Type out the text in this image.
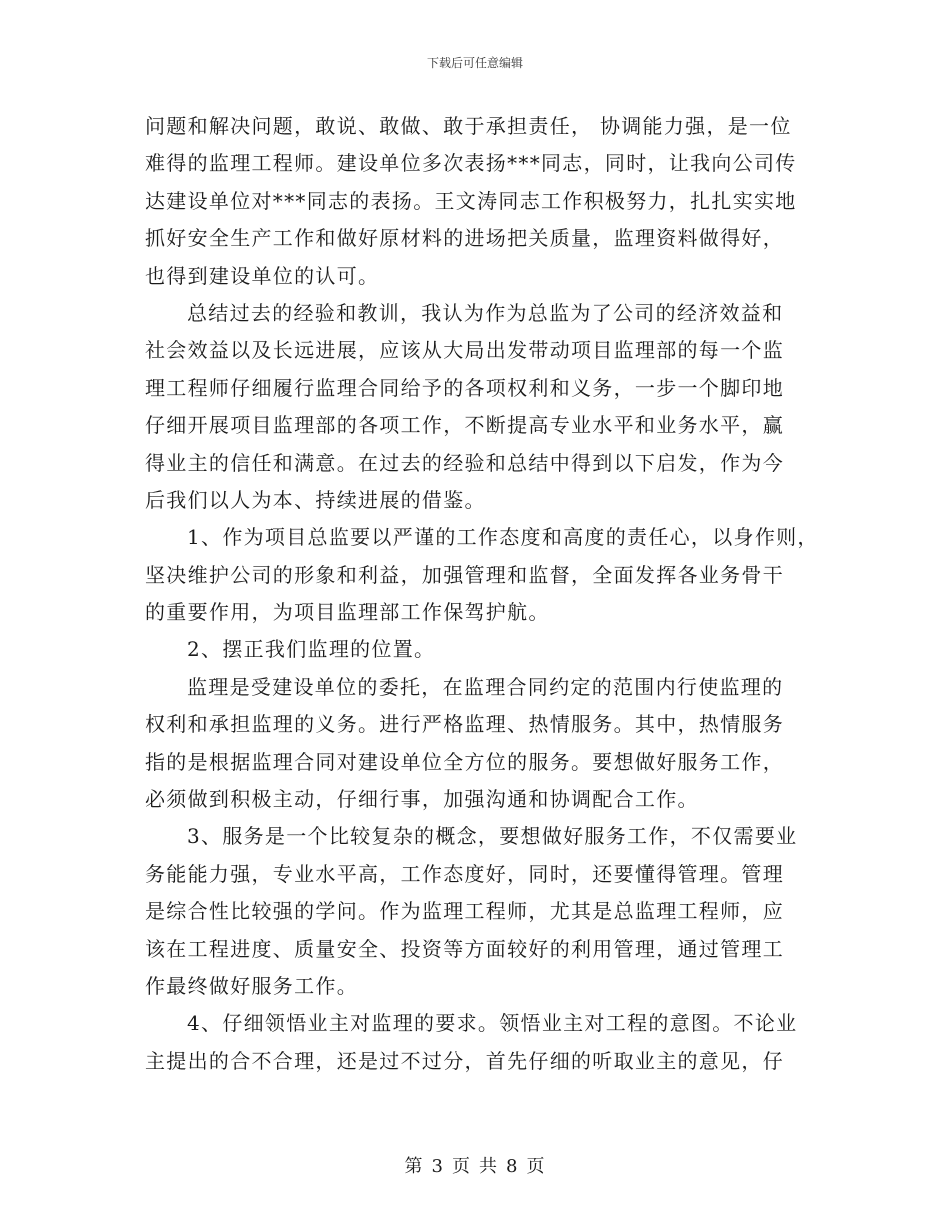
下载后可任意编辑
问题和解决问题，敢说、敢做、敢于承担责任， 协调能力强，是一位
难得的监理工程师。建设单位多次表扬***同志，同时，让我向公司传
达建设单位对***同志的表扬。王文涛同志工作积极努力，扎扎实实地
抓好安全生产工作和做好原材料的进场把关质量，监理资料做得好，
也得到建设单位的认可。
总结过去的经验和教训，我认为作为总监为了公司的经济效益和
社会效益以及长远进展，应该从大局出发带动项目监理部的每一个监
理工程师仔细履行监理合同给予的各项权利和义务，一步一个脚印地
仔细开展项目监理部的各项工作，不断提高专业水平和业务水平，赢
得业主的信任和满意。在过去的经验和总结中得到以下启发，作为今
后我们以人为本、持续进展的借鉴。
1、作为项目总监要以严谨的工作态度和高度的责任心，以身作则，
坚决维护公司的形象和利益，加强管理和监督，全面发挥各业务骨干
的重要作用，为项目监理部工作保驾护航。
2、摆正我们监理的位置。
监理是受建设单位的委托，在监理合同约定的范围内行使监理的
权利和承担监理的义务。进行严格监理、热情服务。其中，热情服务
指的是根据监理合同对建设单位全方位的服务。要想做好服务工作，
必须做到积极主动，仔细行事，加强沟通和协调配合工作。
3、服务是一个比较复杂的概念，要想做好服务工作，不仅需要业
务能能力强，专业水平高，工作态度好，同时，还要懂得管理。管理
是综合性比较强的学问。作为监理工程师，尤其是总监理工程师，应
该在工程进度、质量安全、投资等方面较好的利用管理，通过管理工
作最终做好服务工作。
4、仔细领悟业主对监理的要求。领悟业主对工程的意图。不论业
主提出的合不合理，还是过不过分，首先仔细的听取业主的意见，仔
第 3 页 共 8 页
